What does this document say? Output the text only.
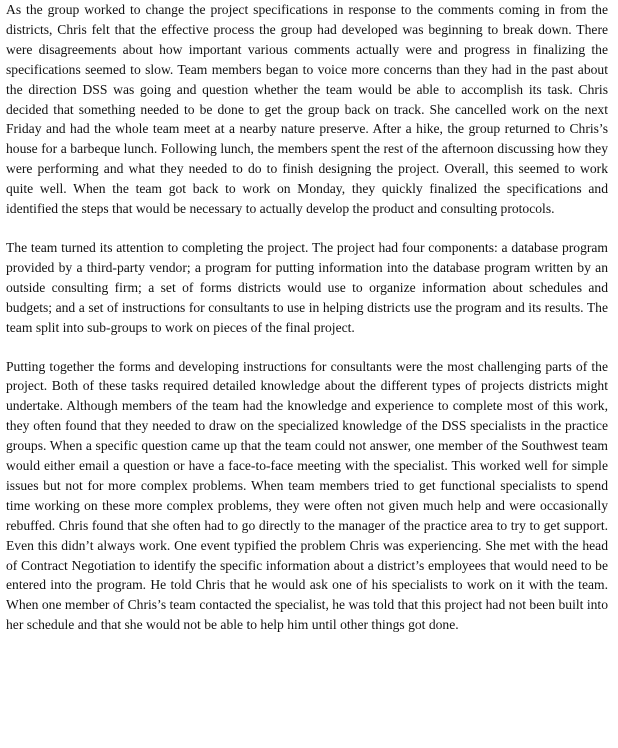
As the group worked to change the project specifications in response to the comments coming in from the districts, Chris felt that the effective process the group had developed was beginning to break down. There were disagreements about how important various comments actually were and progress in finalizing the specifications seemed to slow. Team members began to voice more concerns than they had in the past about the direction DSS was going and question whether the team would be able to accomplish its task. Chris decided that something needed to be done to get the group back on track. She cancelled work on the next Friday and had the whole team meet at a nearby nature preserve. After a hike, the group returned to Chris’s house for a barbeque lunch. Following lunch, the members spent the rest of the afternoon discussing how they were performing and what they needed to do to finish designing the project. Overall, this seemed to work quite well. When the team got back to work on Monday, they quickly finalized the specifications and identified the steps that would be necessary to actually develop the product and consulting protocols.

The team turned its attention to completing the project. The project had four components: a database program provided by a third-party vendor; a program for putting information into the database program written by an outside consulting firm; a set of forms districts would use to organize information about schedules and budgets; and a set of instructions for consultants to use in helping districts use the program and its results. The team split into sub-groups to work on pieces of the final project.

Putting together the forms and developing instructions for consultants were the most challenging parts of the project. Both of these tasks required detailed knowledge about the different types of projects districts might undertake. Although members of the team had the knowledge and experience to complete most of this work, they often found that they needed to draw on the specialized knowledge of the DSS specialists in the practice groups. When a specific question came up that the team could not answer, one member of the Southwest team would either email a question or have a face-to-face meeting with the specialist. This worked well for simple issues but not for more complex problems. When team members tried to get functional specialists to spend time working on these more complex problems, they were often not given much help and were occasionally rebuffed. Chris found that she often had to go directly to the manager of the practice area to try to get support. Even this didn’t always work. One event typified the problem Chris was experiencing. She met with the head of Contract Negotiation to identify the specific information about a district’s employees that would need to be entered into the program. He told Chris that he would ask one of his specialists to work on it with the team. When one member of Chris’s team contacted the specialist, he was told that this project had not been built into her schedule and that she would not be able to help him until other things got done.
